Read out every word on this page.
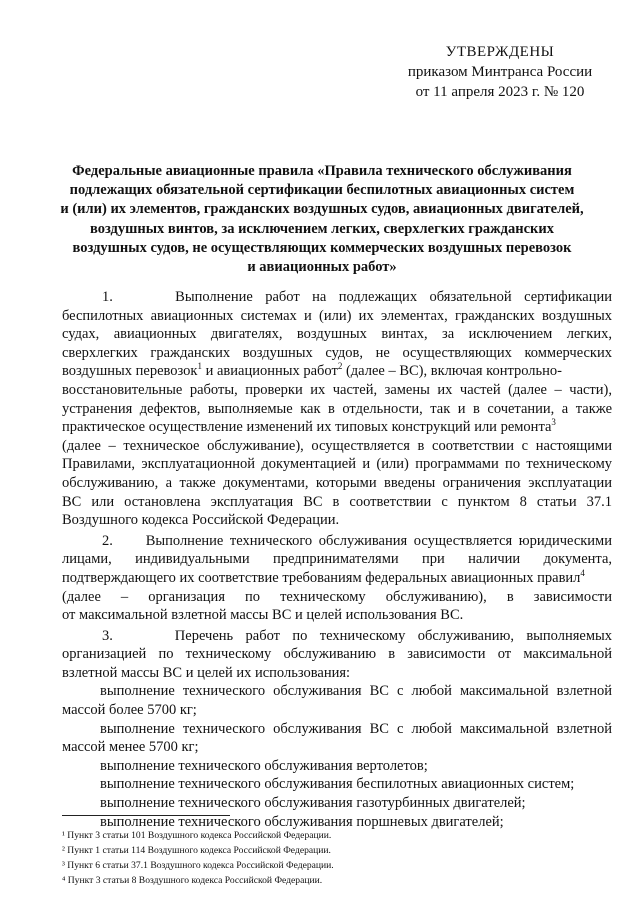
УТВЕРЖДЕНЫ
приказом Минтранса России
от 11 апреля 2023 г. № 120
Федеральные авиационные правила «Правила технического обслуживания
подлежащих обязательной сертификации беспилотных авиационных систем
и (или) их элементов, гражданских воздушных судов, авиационных двигателей,
воздушных винтов, за исключением легких, сверхлегких гражданских
воздушных судов, не осуществляющих коммерческих воздушных перевозок
и авиационных работ»
1.     Выполнение работ на подлежащих обязательной сертификации
беспилотных авиационных системах и (или) их элементах, гражданских воздушных
судах, авиационных двигателях, воздушных винтах, за исключением легких,
сверхлегких гражданских воздушных судов, не осуществляющих коммерческих
воздушных перевозок$^1$ и авиационных работ$^2$ (далее – ВС), включая контрольно-
восстановительные работы, проверки их частей, замены их частей (далее – части),
устранения дефектов, выполняемые как в отдельности, так и в сочетании, а также
практическое осуществление изменений их типовых конструкций или ремонта$^3$
(далее – техническое обслуживание), осуществляется в соответствии с настоящими
Правилами, эксплуатационной документацией и (или) программами по техническому
обслуживанию, а также документами, которыми введены ограничения эксплуатации
ВС или остановлена эксплуатация ВС в соответствии с пунктом 8 статьи 37.1
Воздушного кодекса Российской Федерации.
2.     Выполнение технического обслуживания осуществляется юридическими
лицами, индивидуальными предпринимателями при наличии документа,
подтверждающего их соответствие требованиям федеральных авиационных правил$^4$
(далее – организация по техническому обслуживанию), в зависимости
от максимальной взлетной массы ВС и целей использования ВС.
3.     Перечень работ по техническому обслуживанию, выполняемых
организацией по техническому обслуживанию в зависимости от максимальной
взлетной массы ВС и целей их использования:
выполнение технического обслуживания ВС с любой максимальной взлетной
массой более 5700 кг;
выполнение технического обслуживания ВС с любой максимальной взлетной
массой менее 5700 кг;
выполнение технического обслуживания вертолетов;
выполнение технического обслуживания беспилотных авиационных систем;
выполнение технического обслуживания газотурбинных двигателей;
выполнение технического обслуживания поршневых двигателей;
¹ Пункт 3 статьи 101 Воздушного кодекса Российской Федерации.
² Пункт 1 статьи 114 Воздушного кодекса Российской Федерации.
³ Пункт 6 статьи 37.1 Воздушного кодекса Российской Федерации.
⁴ Пункт 3 статьи 8 Воздушного кодекса Российской Федерации.
